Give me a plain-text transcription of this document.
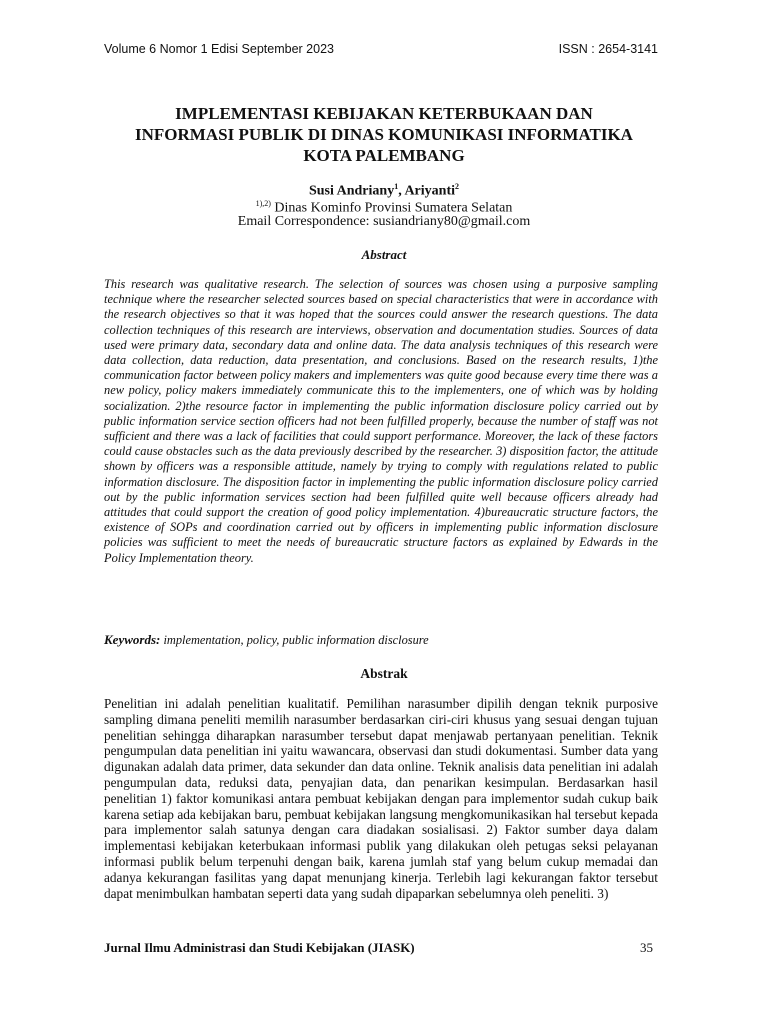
Volume 6 Nomor 1 Edisi September 2023	ISSN : 2654-3141
IMPLEMENTASI KEBIJAKAN KETERBUKAAN DAN
INFORMASI PUBLIK DI DINAS KOMUNIKASI INFORMATIKA
KOTA PALEMBANG
Susi Andriany$^1$, Ariyanti$^2$
$^{1),2)}$ Dinas Kominfo Provinsi Sumatera Selatan
Email Correspondence: susiandriany80@gmail.com
Abstract

This research was qualitative research. The selection of sources was chosen using a purposive sampling technique where the researcher selected sources based on special characteristics that were in accordance with the research objectives so that it was hoped that the sources could answer the research questions. The data collection techniques of this research are interviews, observation and documentation studies. Sources of data used were primary data, secondary data and online data. The data analysis techniques of this research were data collection, data reduction, data presentation, and conclusions. Based on the research results, 1)the communication factor between policy makers and implementers was quite good because every time there was a new policy, policy makers immediately communicate this to the implementers, one of which was by holding socialization. 2)the resource factor in implementing the public information disclosure policy carried out by public information service section officers had not been fulfilled properly, because the number of staff was not sufficient and there was a lack of facilities that could support performance. Moreover, the lack of these factors could cause obstacles such as the data previously described by the researcher. 3) disposition factor, the attitude shown by officers was a responsible attitude, namely by trying to comply with regulations related to public information disclosure. The disposition factor in implementing the public information disclosure policy carried out by the public information services section had been fulfilled quite well because officers already had attitudes that could support the creation of good policy implementation. 4)bureaucratic structure factors, the existence of SOPs and coordination carried out by officers in implementing public information disclosure policies was sufficient to meet the needs of bureaucratic structure factors as explained by Edwards in the Policy Implementation theory.

Keywords: implementation, policy, public information disclosure
Abstrak

Penelitian ini adalah penelitian kualitatif. Pemilihan narasumber dipilih dengan teknik purposive sampling dimana peneliti memilih narasumber berdasarkan ciri-ciri khusus yang sesuai dengan tujuan penelitian sehingga diharapkan narasumber tersebut dapat menjawab pertanyaan penelitian. Teknik pengumpulan data penelitian ini yaitu wawancara, observasi dan studi dokumentasi. Sumber data yang digunakan adalah data primer, data sekunder dan data online. Teknik analisis data penelitian ini adalah pengumpulan data, reduksi data, penyajian data, dan penarikan kesimpulan. Berdasarkan hasil penelitian 1) faktor komunikasi antara pembuat kebijakan dengan para implementor sudah cukup baik karena setiap ada kebijakan baru, pembuat kebijakan langsung mengkomunikasikan hal tersebut kepada para implementor salah satunya dengan cara diadakan sosialisasi. 2) Faktor sumber daya dalam implementasi kebijakan keterbukaan informasi publik yang dilakukan oleh petugas seksi pelayanan informasi publik belum terpenuhi dengan baik, karena jumlah staf yang belum cukup memadai dan adanya kekurangan fasilitas yang dapat menunjang kinerja. Terlebih lagi kekurangan faktor tersebut dapat menimbulkan hambatan seperti data yang sudah dipaparkan sebelumnya oleh peneliti. 3)

Jurnal Ilmu Administrasi dan Studi Kebijakan (JIASK)	35
